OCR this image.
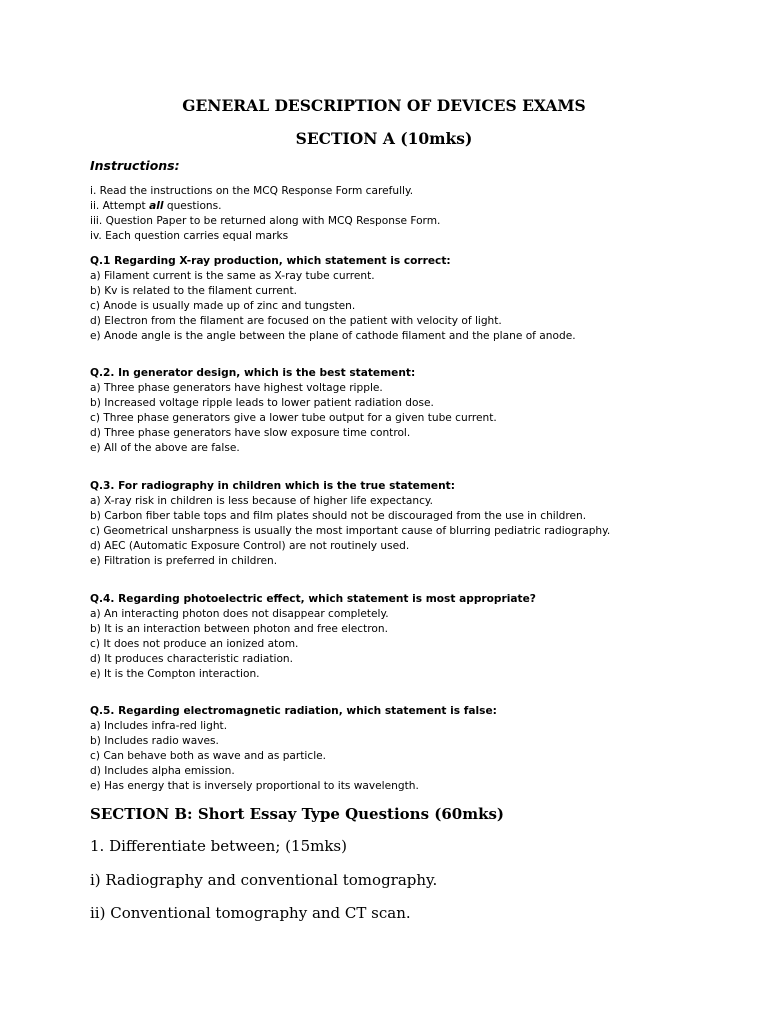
GENERAL DESCRIPTION OF DEVICES EXAMS
SECTION A (10mks)
Instructions:
i. Read the instructions on the MCQ Response Form carefully.
ii. Attempt all questions.
iii. Question Paper to be returned along with MCQ Response Form.
iv. Each question carries equal marks
Q.1 Regarding X-ray production, which statement is correct:
a) Filament current is the same as X-ray tube current.
b) Kv is related to the filament current.
c) Anode is usually made up of zinc and tungsten.
d) Electron from the filament are focused on the patient with velocity of light.
e) Anode angle is the angle between the plane of cathode filament and the plane of anode.
Q.2. In generator design, which is the best statement:
a) Three phase generators have highest voltage ripple.
b) Increased voltage ripple leads to lower patient radiation dose.
c) Three phase generators give a lower tube output for a given tube current.
d) Three phase generators have slow exposure time control.
e) All of the above are false.
Q.3. For radiography in children which is the true statement:
a) X-ray risk in children is less because of higher life expectancy.
b) Carbon fiber table tops and film plates should not be discouraged from the use in children.
c) Geometrical unsharpness is usually the most important cause of blurring pediatric radiography.
d) AEC (Automatic Exposure Control) are not routinely used.
e) Filtration is preferred in children.
Q.4. Regarding photoelectric effect, which statement is most appropriate?
a) An interacting photon does not disappear completely.
b) It is an interaction between photon and free electron.
c) It does not produce an ionized atom.
d) It produces characteristic radiation.
e) It is the Compton interaction.
Q.5. Regarding electromagnetic radiation, which statement is false:
a) Includes infra-red light.
b) Includes radio waves.
c) Can behave both as wave and as particle.
d) Includes alpha emission.
e) Has energy that is inversely proportional to its wavelength.
SECTION B: Short Essay Type Questions (60mks)
1. Differentiate between; (15mks)
i) Radiography and conventional tomography.
ii) Conventional tomography and CT scan.
